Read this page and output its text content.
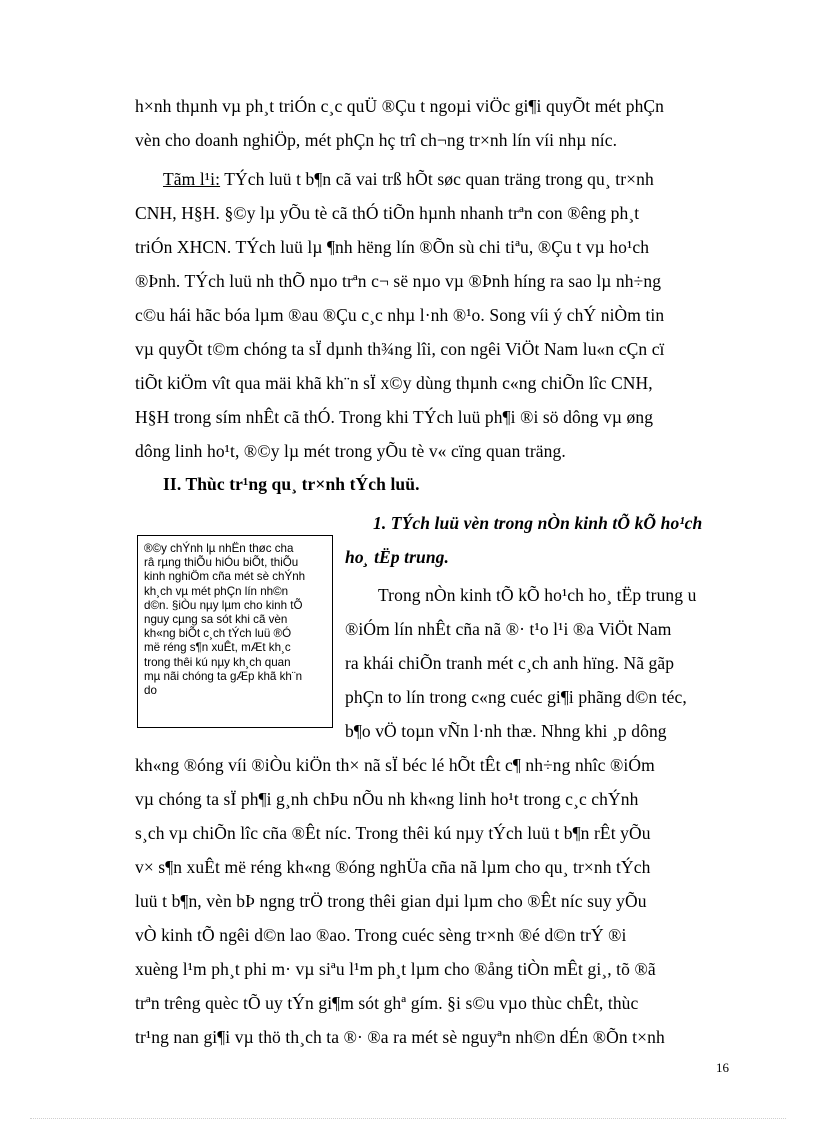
h×nh thµnh vµ ph¸t triÓn c¸c quÜ ®Çu t ngoµi viÖc gi¶i quyÕt mét phÇn
vèn cho doanh nghiÖp, mét phÇn hç trî ch¬ng tr×nh lín víi nhµ níc.
Tãm l¹i: TÝch luü t b¶n cã vai trß hÕt søc quan träng trong qu¸ tr×nh
CNH, H§H. §©y lµ yÕu tè cã thÓ tiÕn hµnh nhanh trªn con ®êng ph¸t
triÓn XHCN. TÝch luü lµ ¶nh hëng lín ®Õn sù chi tiªu, ®Çu t vµ ho¹ch
®Þnh. TÝch luü nh thÕ nµo trªn c¬ së nµo vµ ®Þnh híng ra sao lµ nh÷ng
c©u hái hãc bóa lµm ®au ®Çu c¸c nhµ l·nh ®¹o. Song víi ý chÝ niÒm tin
vµ quyÕt t©m chóng ta sÏ dµnh th¾ng lîi, con ngêi ViÖt Nam lu«n cÇn cï
tiÕt kiÖm vît qua mäi khã kh¨n sÏ x©y dùng thµnh c«ng chiÕn lîc CNH,
H§H trong sím nhÊt cã thÓ. Trong khi TÝch luü ph¶i ®i sö dông vµ øng
dông linh ho¹t, ®©y lµ mét trong yÕu tè v« cïng quan träng.
II. Thùc tr¹ng qu¸ tr×nh tÝch luü.
1. TÝch luü vèn trong nÒn kinh tÕ kÕ ho¹ch
ho¸ tËp trung.
®©y chÝnh lµ nhËn thøc cha
râ rµng thiÕu hiÓu biÕt, thiÕu
kinh nghiÖm cña mét sè chÝnh
kh¸ch vµ mét phÇn lín nh©n
d©n. §iÒu nµy lµm cho kinh tÕ
nguy cµng sa sót khi cã vèn
kh«ng biÕt c¸ch tÝch luü ®Ó
më réng s¶n xuÊt, mÆt kh¸c
trong thêi kú nµy kh¸ch quan
mµ nãi chóng ta gÆp khã kh¨n
do
Trong nÒn kinh tÕ kÕ ho¹ch ho¸ tËp trung u
®iÓm lín nhÊt cña nã ®· t¹o l¹i ®a ViÖt Nam
ra khái chiÕn tranh mét c¸ch anh hïng. Nã gãp
phÇn to lín trong c«ng cuéc gi¶i phãng d©n téc,
b¶o vÖ toµn vÑn l·nh thæ. Nhng khi ¸p dông
kh«ng ®óng víi ®iÒu kiÖn th× nã sÏ béc lé hÕt tÊt c¶ nh÷ng nhîc ®iÓm
vµ chóng ta sÏ ph¶i g¸nh chÞu nÕu nh kh«ng linh ho¹t trong c¸c chÝnh
s¸ch vµ chiÕn lîc cña ®Êt níc. Trong thêi kú nµy tÝch luü t b¶n rÊt yÕu
v× s¶n xuÊt më réng kh«ng ®óng nghÜa cña nã lµm cho qu¸ tr×nh tÝch
luü t b¶n, vèn bÞ ngng trÖ trong thêi gian dµi lµm cho ®Êt níc suy yÕu
vÒ kinh tÕ ngêi d©n lao ®ao. Trong cuéc sèng tr×nh ®é d©n trÝ ®i
xuèng l¹m ph¸t phi m· vµ siªu l¹m ph¸t lµm cho ®ång tiÒn mÊt gi¸, tõ ®ã
trªn trêng quèc tÕ uy tÝn gi¶m sót ghª gím. §i s©u vµo thùc chÊt, thùc
tr¹ng nan gi¶i vµ thö th¸ch ta ®· ®a ra mét sè nguyªn nh©n dÉn ®Õn t×nh
16
